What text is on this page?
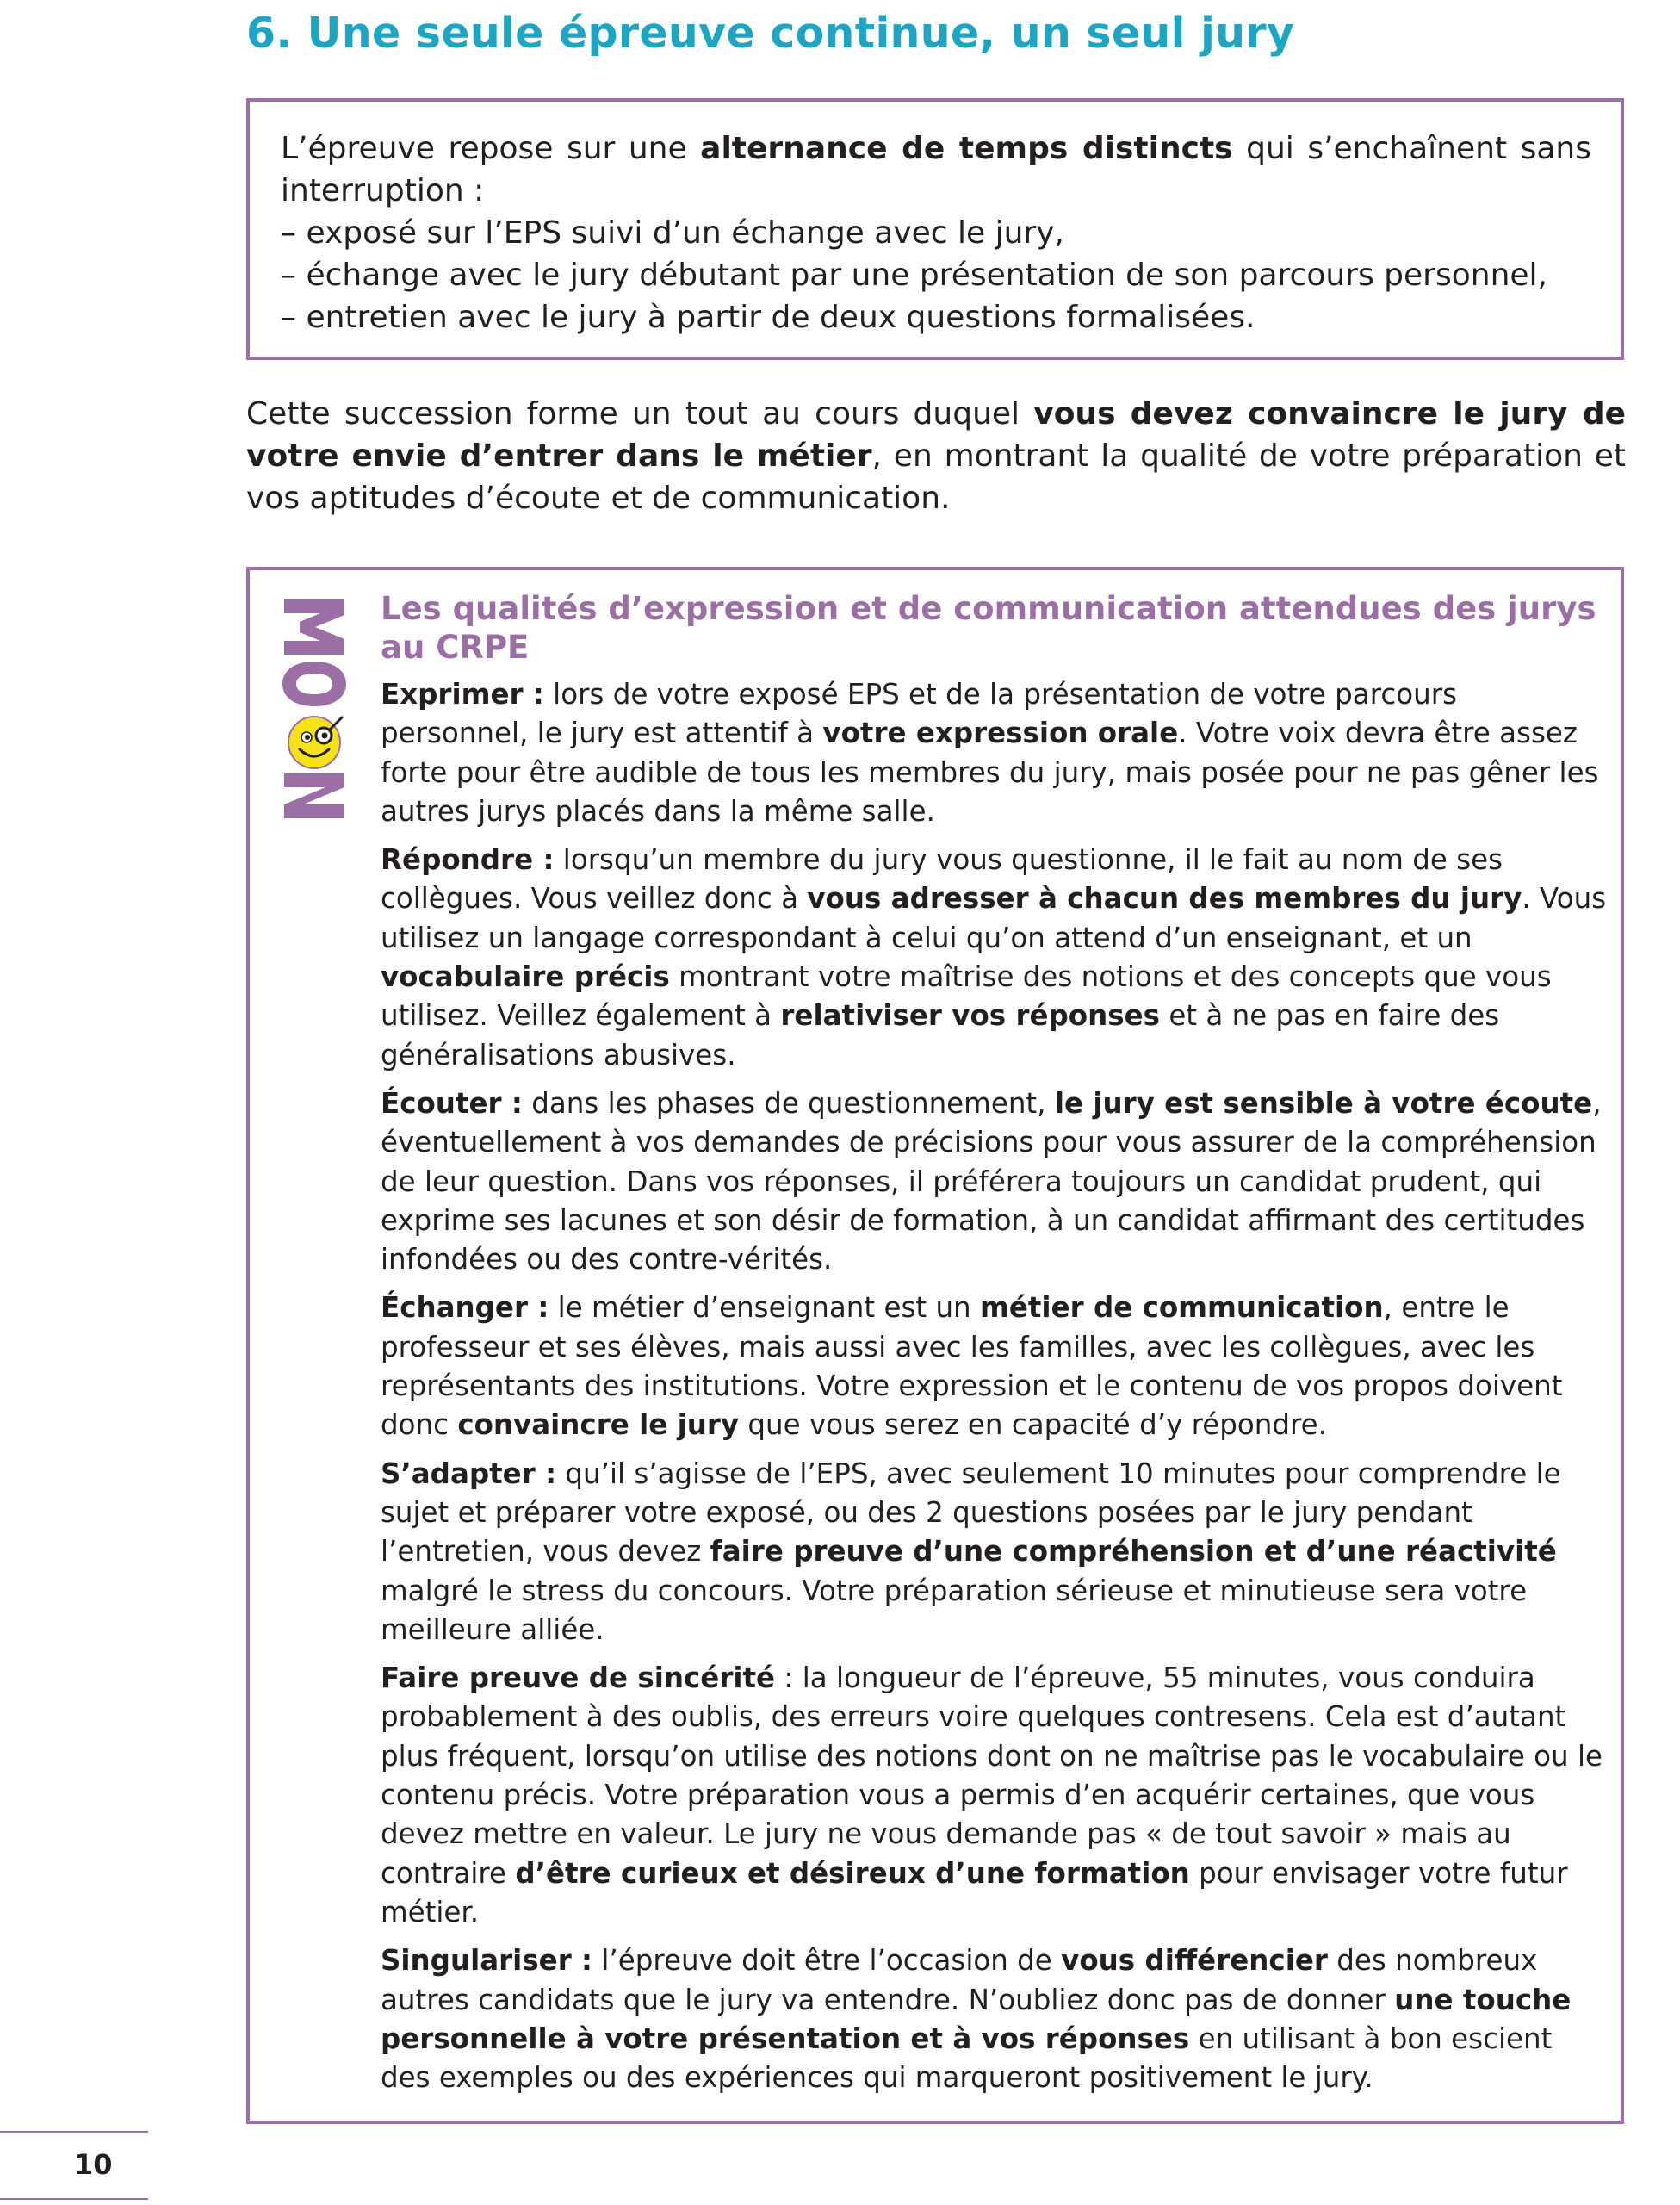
6. Une seule épreuve continue, un seul jury

L’épreuve repose sur une alternance de temps distincts qui s’enchaînent sans interruption :

– exposé sur l’EPS suivi d’un échange avec le jury,

– échange avec le jury débutant par une présentation de son parcours personnel,

– entretien avec le jury à partir de deux questions formalisées.

Cette succession forme un tout au cours duquel vous devez convaincre le jury de votre envie d’entrer dans le métier, en montrant la qualité de votre préparation et vos aptitudes d’écoute et de communication.

Les qualités d’expression et de communication attendues des jurys au CRPE

Exprimer : lors de votre exposé EPS et de la présentation de votre parcours personnel, le jury est attentif à votre expression orale. Votre voix devra être assez forte pour être audible de tous les membres du jury, mais posée pour ne pas gêner les autres jurys placés dans la même salle.

Répondre : lorsqu’un membre du jury vous questionne, il le fait au nom de ses collègues. Vous veillez donc à vous adresser à chacun des membres du jury. Vous utilisez un langage correspondant à celui qu’on attend d’un enseignant, et un vocabulaire précis montrant votre maîtrise des notions et des concepts que vous utilisez. Veillez également à relativiser vos réponses et à ne pas en faire des généralisations abusives.

Écouter : dans les phases de questionnement, le jury est sensible à votre écoute, éventuellement à vos demandes de précisions pour vous assurer de la compréhension de leur question. Dans vos réponses, il préférera toujours un candidat prudent, qui exprime ses lacunes et son désir de formation, à un candidat affirmant des certitudes infondées ou des contre-vérités.

Échanger : le métier d’enseignant est un métier de communication, entre le professeur et ses élèves, mais aussi avec les familles, avec les collègues, avec les représentants des institutions. Votre expression et le contenu de vos propos doivent donc convaincre le jury que vous serez en capacité d’y répondre.

S’adapter : qu’il s’agisse de l’EPS, avec seulement 10 minutes pour comprendre le sujet et préparer votre exposé, ou des 2 questions posées par le jury pendant l’entretien, vous devez faire preuve d’une compréhension et d’une réactivité malgré le stress du concours. Votre préparation sérieuse et minutieuse sera votre meilleure alliée.

Faire preuve de sincérité : la longueur de l’épreuve, 55 minutes, vous conduira probablement à des oublis, des erreurs voire quelques contresens. Cela est d’autant plus fréquent, lorsqu’on utilise des notions dont on ne maîtrise pas le vocabulaire ou le contenu précis. Votre préparation vous a permis d’en acquérir certaines, que vous devez mettre en valeur. Le jury ne vous demande pas « de tout savoir » mais au contraire d’être curieux et désireux d’une formation pour envisager votre futur métier.

Singulariser : l’épreuve doit être l’occasion de vous différencier des nombreux autres candidats que le jury va entendre. N’oubliez donc pas de donner une touche personnelle à votre présentation et à vos réponses en utilisant à bon escient des exemples ou des expériences qui marqueront positivement le jury.

10
